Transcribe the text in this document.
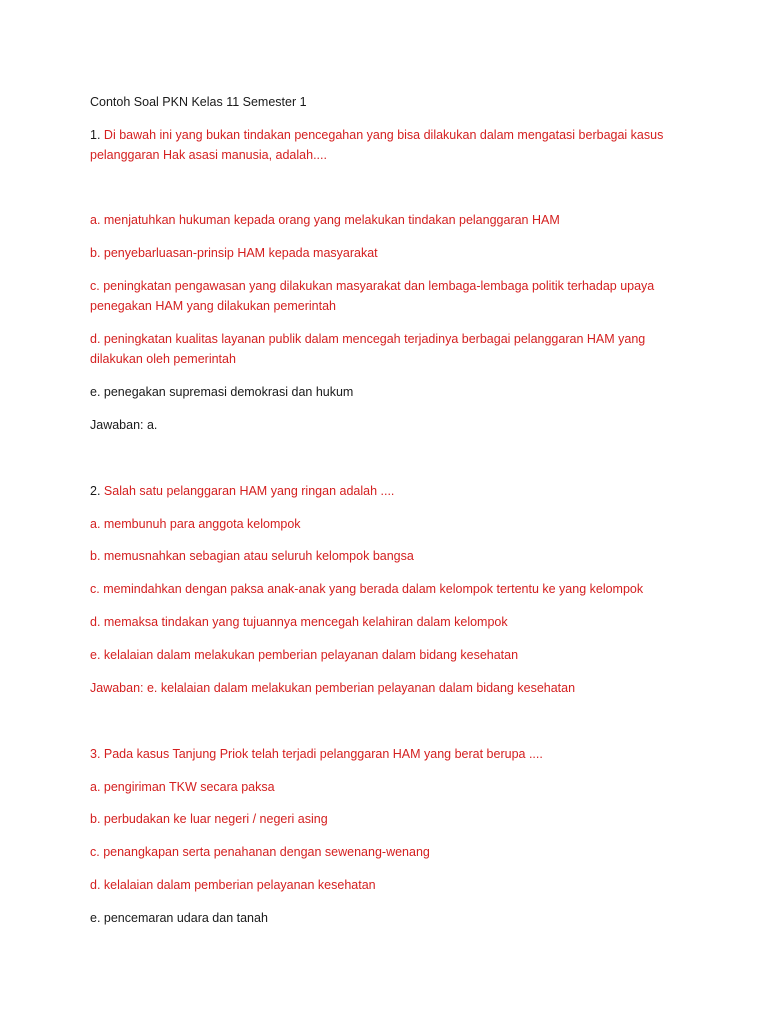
Contoh Soal PKN Kelas 11 Semester 1
1. Di bawah ini yang bukan tindakan pencegahan yang bisa dilakukan dalam mengatasi berbagai kasus pelanggaran Hak asasi manusia, adalah....
a. menjatuhkan hukuman kepada orang yang melakukan tindakan pelanggaran HAM
b. penyebarluasan-prinsip HAM kepada masyarakat
c. peningkatan pengawasan yang dilakukan masyarakat dan lembaga-lembaga politik terhadap upaya penegakan HAM yang dilakukan pemerintah
d. peningkatan kualitas layanan publik dalam mencegah terjadinya berbagai pelanggaran HAM yang dilakukan oleh pemerintah
e. penegakan supremasi demokrasi dan hukum
Jawaban: a.
2. Salah satu pelanggaran HAM yang ringan adalah ....
a. membunuh para anggota kelompok
b. memusnahkan sebagian atau seluruh kelompok bangsa
c. memindahkan dengan paksa anak-anak yang berada dalam kelompok tertentu ke yang kelompok
d. memaksa tindakan yang tujuannya mencegah kelahiran dalam kelompok
e. kelalaian dalam melakukan pemberian pelayanan dalam bidang kesehatan
Jawaban: e. kelalaian dalam melakukan pemberian pelayanan dalam bidang kesehatan
3. Pada kasus Tanjung Priok telah terjadi pelanggaran HAM yang berat berupa ....
a. pengiriman TKW secara paksa
b. perbudakan ke luar negeri / negeri asing
c. penangkapan serta penahanan dengan sewenang-wenang
d. kelalaian dalam pemberian pelayanan kesehatan
e. pencemaran udara dan tanah
